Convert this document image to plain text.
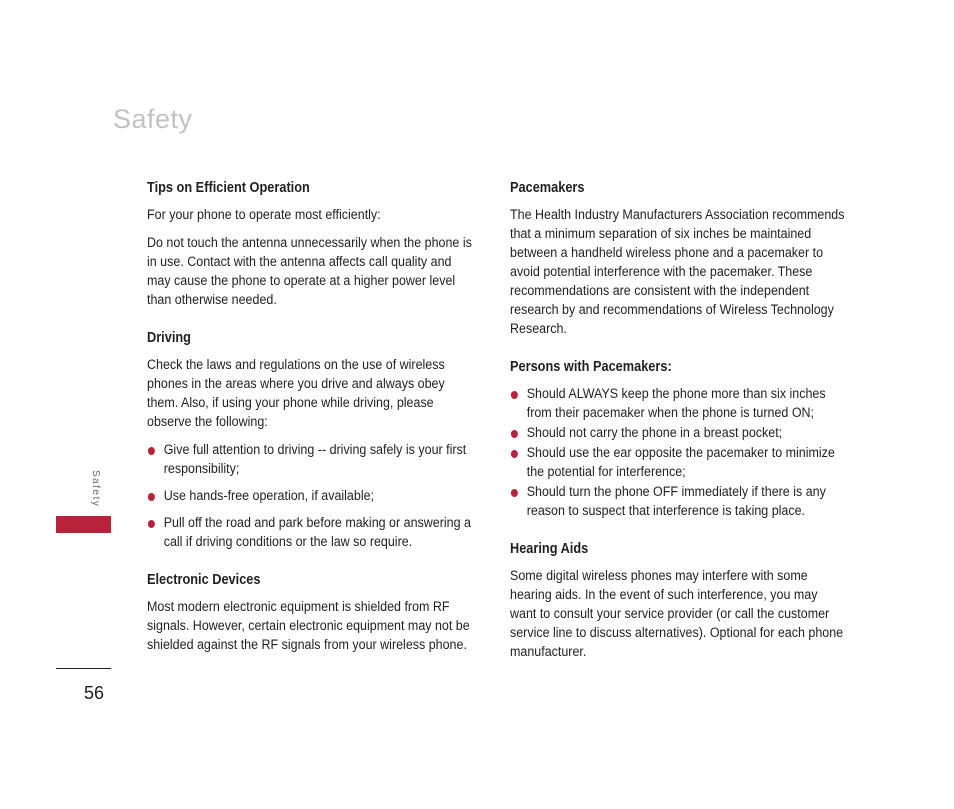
Safety
Safety
56
Tips on Efficient Operation

For your phone to operate most efficiently:

Do not touch the antenna unnecessarily when the phone is in use. Contact with the antenna affects call quality and may cause the phone to operate at a higher power level than otherwise needed.

Driving

Check the laws and regulations on the use of wireless phones in the areas where you drive and always obey them. Also, if using your phone while driving, please observe the following:

Give full attention to driving -- driving safely is your first responsibility;
Use hands-free operation, if available;
Pull off the road and park before making or answering a call if driving conditions or the law so require.
Electronic Devices

Most modern electronic equipment is shielded from RF signals. However, certain electronic equipment may not be shielded against the RF signals from your wireless phone.

Pacemakers

The Health Industry Manufacturers Association recommends that a minimum separation of six inches be maintained between a handheld wireless phone and a pacemaker to avoid potential interference with the pacemaker. These recommendations are consistent with the independent research by and recommendations of Wireless Technology Research.

Persons with Pacemakers:
Should ALWAYS keep the phone more than six inches from their pacemaker when the phone is turned ON;
Should not carry the phone in a breast pocket;
Should use the ear opposite the pacemaker to minimize the potential for interference;
Should turn the phone OFF immediately if there is any reason to suspect that interference is taking place.
Hearing Aids

Some digital wireless phones may interfere with some hearing aids. In the event of such interference, you may want to consult your service provider (or call the customer service line to discuss alternatives). Optional for each phone manufacturer.
